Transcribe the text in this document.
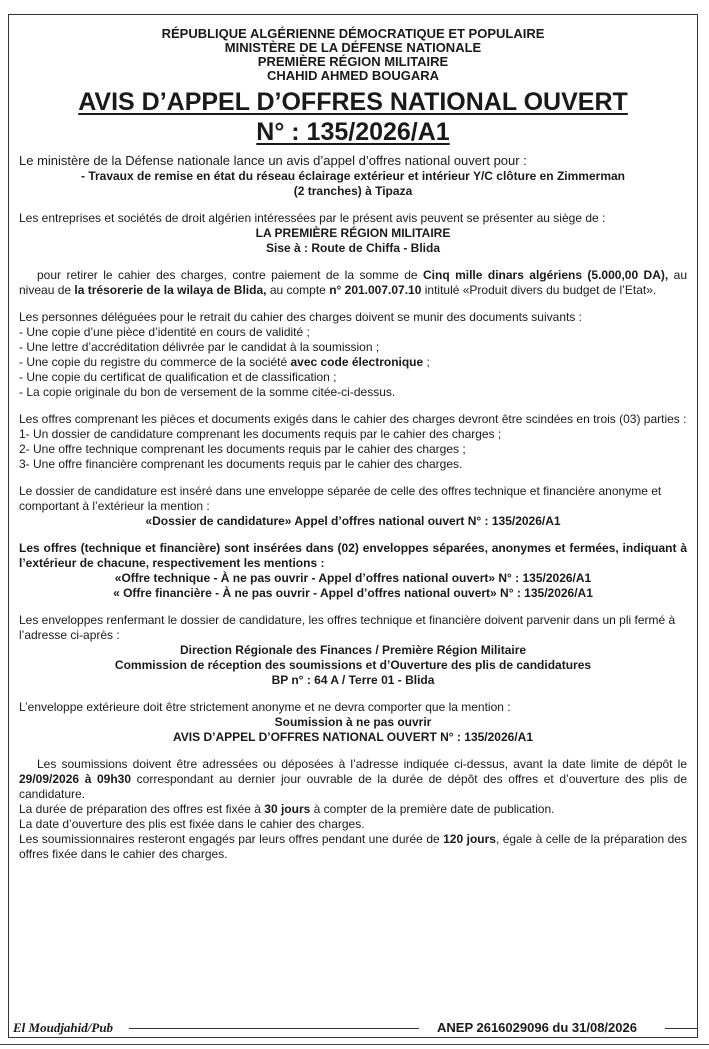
RÉPUBLIQUE ALGÉRIENNE DÉMOCRATIQUE ET POPULAIRE

MINISTÈRE DE LA DÉFENSE NATIONALE

PREMIÈRE RÉGION MILITAIRE

CHAHID AHMED BOUGARA

AVIS D’APPEL D’OFFRES NATIONAL OUVERT

N° : 135/2026/A1

Le ministère de la Défense nationale lance un avis d’appel d’offres national ouvert pour :

- Travaux de remise en état du réseau éclairage extérieur et intérieur Y/C clôture en Zimmerman

(2 tranches) à Tipaza

Les entreprises et sociétés de droit algérien intéressées par le présent avis peuvent se présenter au siège de :

LA PREMIÈRE RÉGION MILITAIRE

Sise à : Route de Chiffa - Blida

pour retirer le cahier des charges, contre paiement de la somme de Cinq mille dinars algériens (5.000,00 DA), au niveau de la trésorerie de la wilaya de Blida, au compte n° 201.007.07.10 intitulé «Produit divers du budget de l’Etat».

Les personnes déléguées pour le retrait du cahier des charges doivent se munir des documents suivants :

- Une copie d’une pièce d’identité en cours de validité ;

- Une lettre d’accréditation délivrée par le candidat à la soumission ;

- Une copie du registre du commerce de la société avec code électronique ;

- Une copie du certificat de qualification et de classification ;

- La copie originale du bon de versement de la somme citée-ci-dessus.

Les offres comprenant les pièces et documents exigés dans le cahier des charges devront être scindées en trois (03) parties :

1- Un dossier de candidature comprenant les documents requis par le cahier des charges ;

2- Une offre technique comprenant les documents requis par le cahier des charges ;

3- Une offre financière comprenant les documents requis par le cahier des charges.

Le dossier de candidature est inséré dans une enveloppe séparée de celle des offres technique et financière anonyme et comportant à l’extérieur la mention :

«Dossier de candidature» Appel d’offres national ouvert N° : 135/2026/A1

Les offres (technique et financière) sont insérées dans (02) enveloppes séparées, anonymes et fermées, indiquant à l’extérieur de chacune, respectivement les mentions :

«Offre technique - À ne pas ouvrir - Appel d’offres national ouvert» N° : 135/2026/A1

« Offre financière - À ne pas ouvrir - Appel d’offres national ouvert» N° : 135/2026/A1

Les enveloppes renfermant le dossier de candidature, les offres technique et financière doivent parvenir dans un pli fermé à l’adresse ci-après :

Direction Régionale des Finances / Première Région Militaire

Commission de réception des soumissions et d’Ouverture des plis de candidatures

BP n° : 64 A / Terre 01 - Blida

L’enveloppe extérieure doit être strictement anonyme et ne devra comporter que la mention :

Soumission à ne pas ouvrir

AVIS D’APPEL D’OFFRES NATIONAL OUVERT N° : 135/2026/A1

Les soumissions doivent être adressées ou déposées à l’adresse indiquée ci-dessus, avant la date limite de dépôt le 29/09/2026 à 09h30 correspondant au dernier jour ouvrable de la durée de dépôt des offres et d’ouverture des plis de candidature.

La durée de préparation des offres est fixée à 30 jours à compter de la première date de publication.

La date d’ouverture des plis est fixée dans le cahier des charges.

Les soumissionnaires resteront engagés par leurs offres pendant une durée de 120 jours, égale à celle de la préparation des offres fixée dans le cahier des charges.

El Moudjahid/Pub	ANEP 2616029096 du 31/08/2026
